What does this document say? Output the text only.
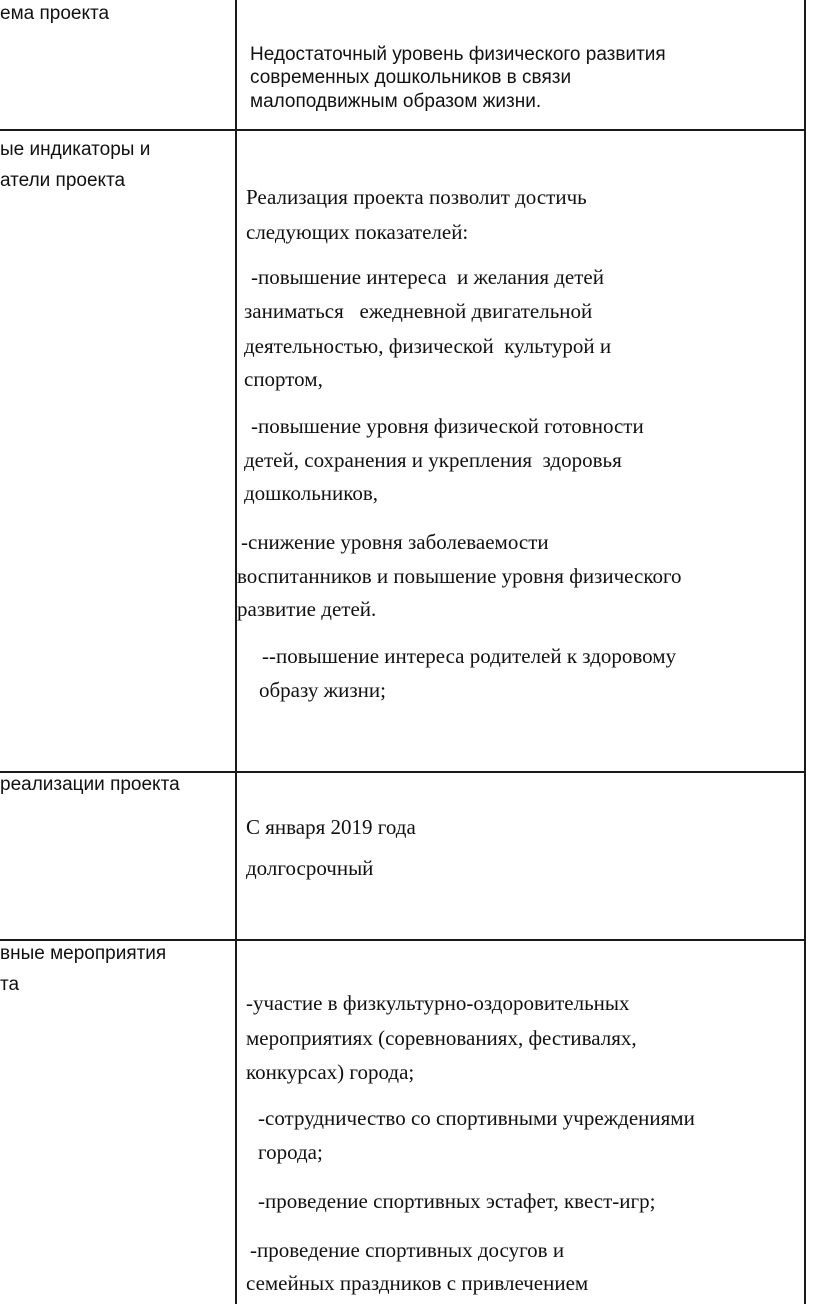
ема проекта
Недостаточный уровень физического развития
современных дошкольников в связи
малоподвижным образом жизни.
ые индикаторы и
атели проекта
Реализация проекта позволит достичь
следующих показателей:
-повышение интереса  и желания детей
заниматься   ежедневной двигательной
деятельностью, физической  культурой и
спортом,
-повышение уровня физической готовности
детей, сохранения и укрепления  здоровья
дошкольников,
-снижение уровня заболеваемости
воспитанников и повышение уровня физического
развитие детей.
--повышение интереса родителей к здоровому
образу жизни;
реализации проекта
С января 2019 года
долгосрочный
вные мероприятия
та
-участие в физкультурно-оздоровительных
мероприятиях (соревнованиях, фестивалях,
конкурсах) города;
-сотрудничество со спортивными учреждениями
города;
-проведение спортивных эстафет, квест-игр;
-проведение спортивных досугов и
семейных праздников с привлечением
